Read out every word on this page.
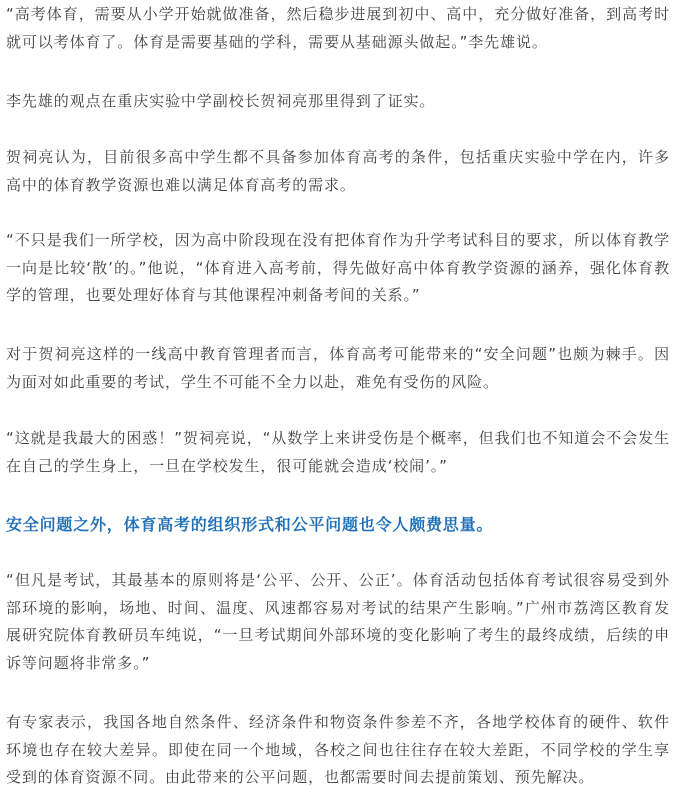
“高考体育，需要从小学开始就做准备，然后稳步进展到初中、高中，充分做好准备，到高考时就可以考体育了。体育是需要基础的学科，需要从基础源头做起。”李先雄说。

李先雄的观点在重庆实验中学副校长贺祠亮那里得到了证实。

贺祠亮认为，目前很多高中学生都不具备参加体育高考的条件，包括重庆实验中学在内，许多高中的体育教学资源也难以满足体育高考的需求。

“不只是我们一所学校，因为高中阶段现在没有把体育作为升学考试科目的要求，所以体育教学一向是比较‘散’的。”他说，“体育进入高考前，得先做好高中体育教学资源的涵养，强化体育教学的管理，也要处理好体育与其他课程冲刺备考间的关系。”

对于贺祠亮这样的一线高中教育管理者而言，体育高考可能带来的“安全问题”也颇为棘手。因为面对如此重要的考试，学生不可能不全力以赴，难免有受伤的风险。

“这就是我最大的困惑！”贺祠亮说，“从数学上来讲受伤是个概率，但我们也不知道会不会发生在自己的学生身上，一旦在学校发生，很可能就会造成‘校闹’。”

安全问题之外，体育高考的组织形式和公平问题也令人颇费思量。

“但凡是考试，其最基本的原则将是‘公平、公开、公正’。体育活动包括体育考试很容易受到外部环境的影响，场地、时间、温度、风速都容易对考试的结果产生影响。”广州市荔湾区教育发展研究院体育教研员车纯说，“一旦考试期间外部环境的变化影响了考生的最终成绩，后续的申诉等问题将非常多。”

有专家表示，我国各地自然条件、经济条件和物资条件参差不齐，各地学校体育的硬件、软件环境也存在较大差异。即使在同一个地域，各校之间也往往存在较大差距，不同学校的学生享受到的体育资源不同。由此带来的公平问题，也都需要时间去提前策划、预先解决。
